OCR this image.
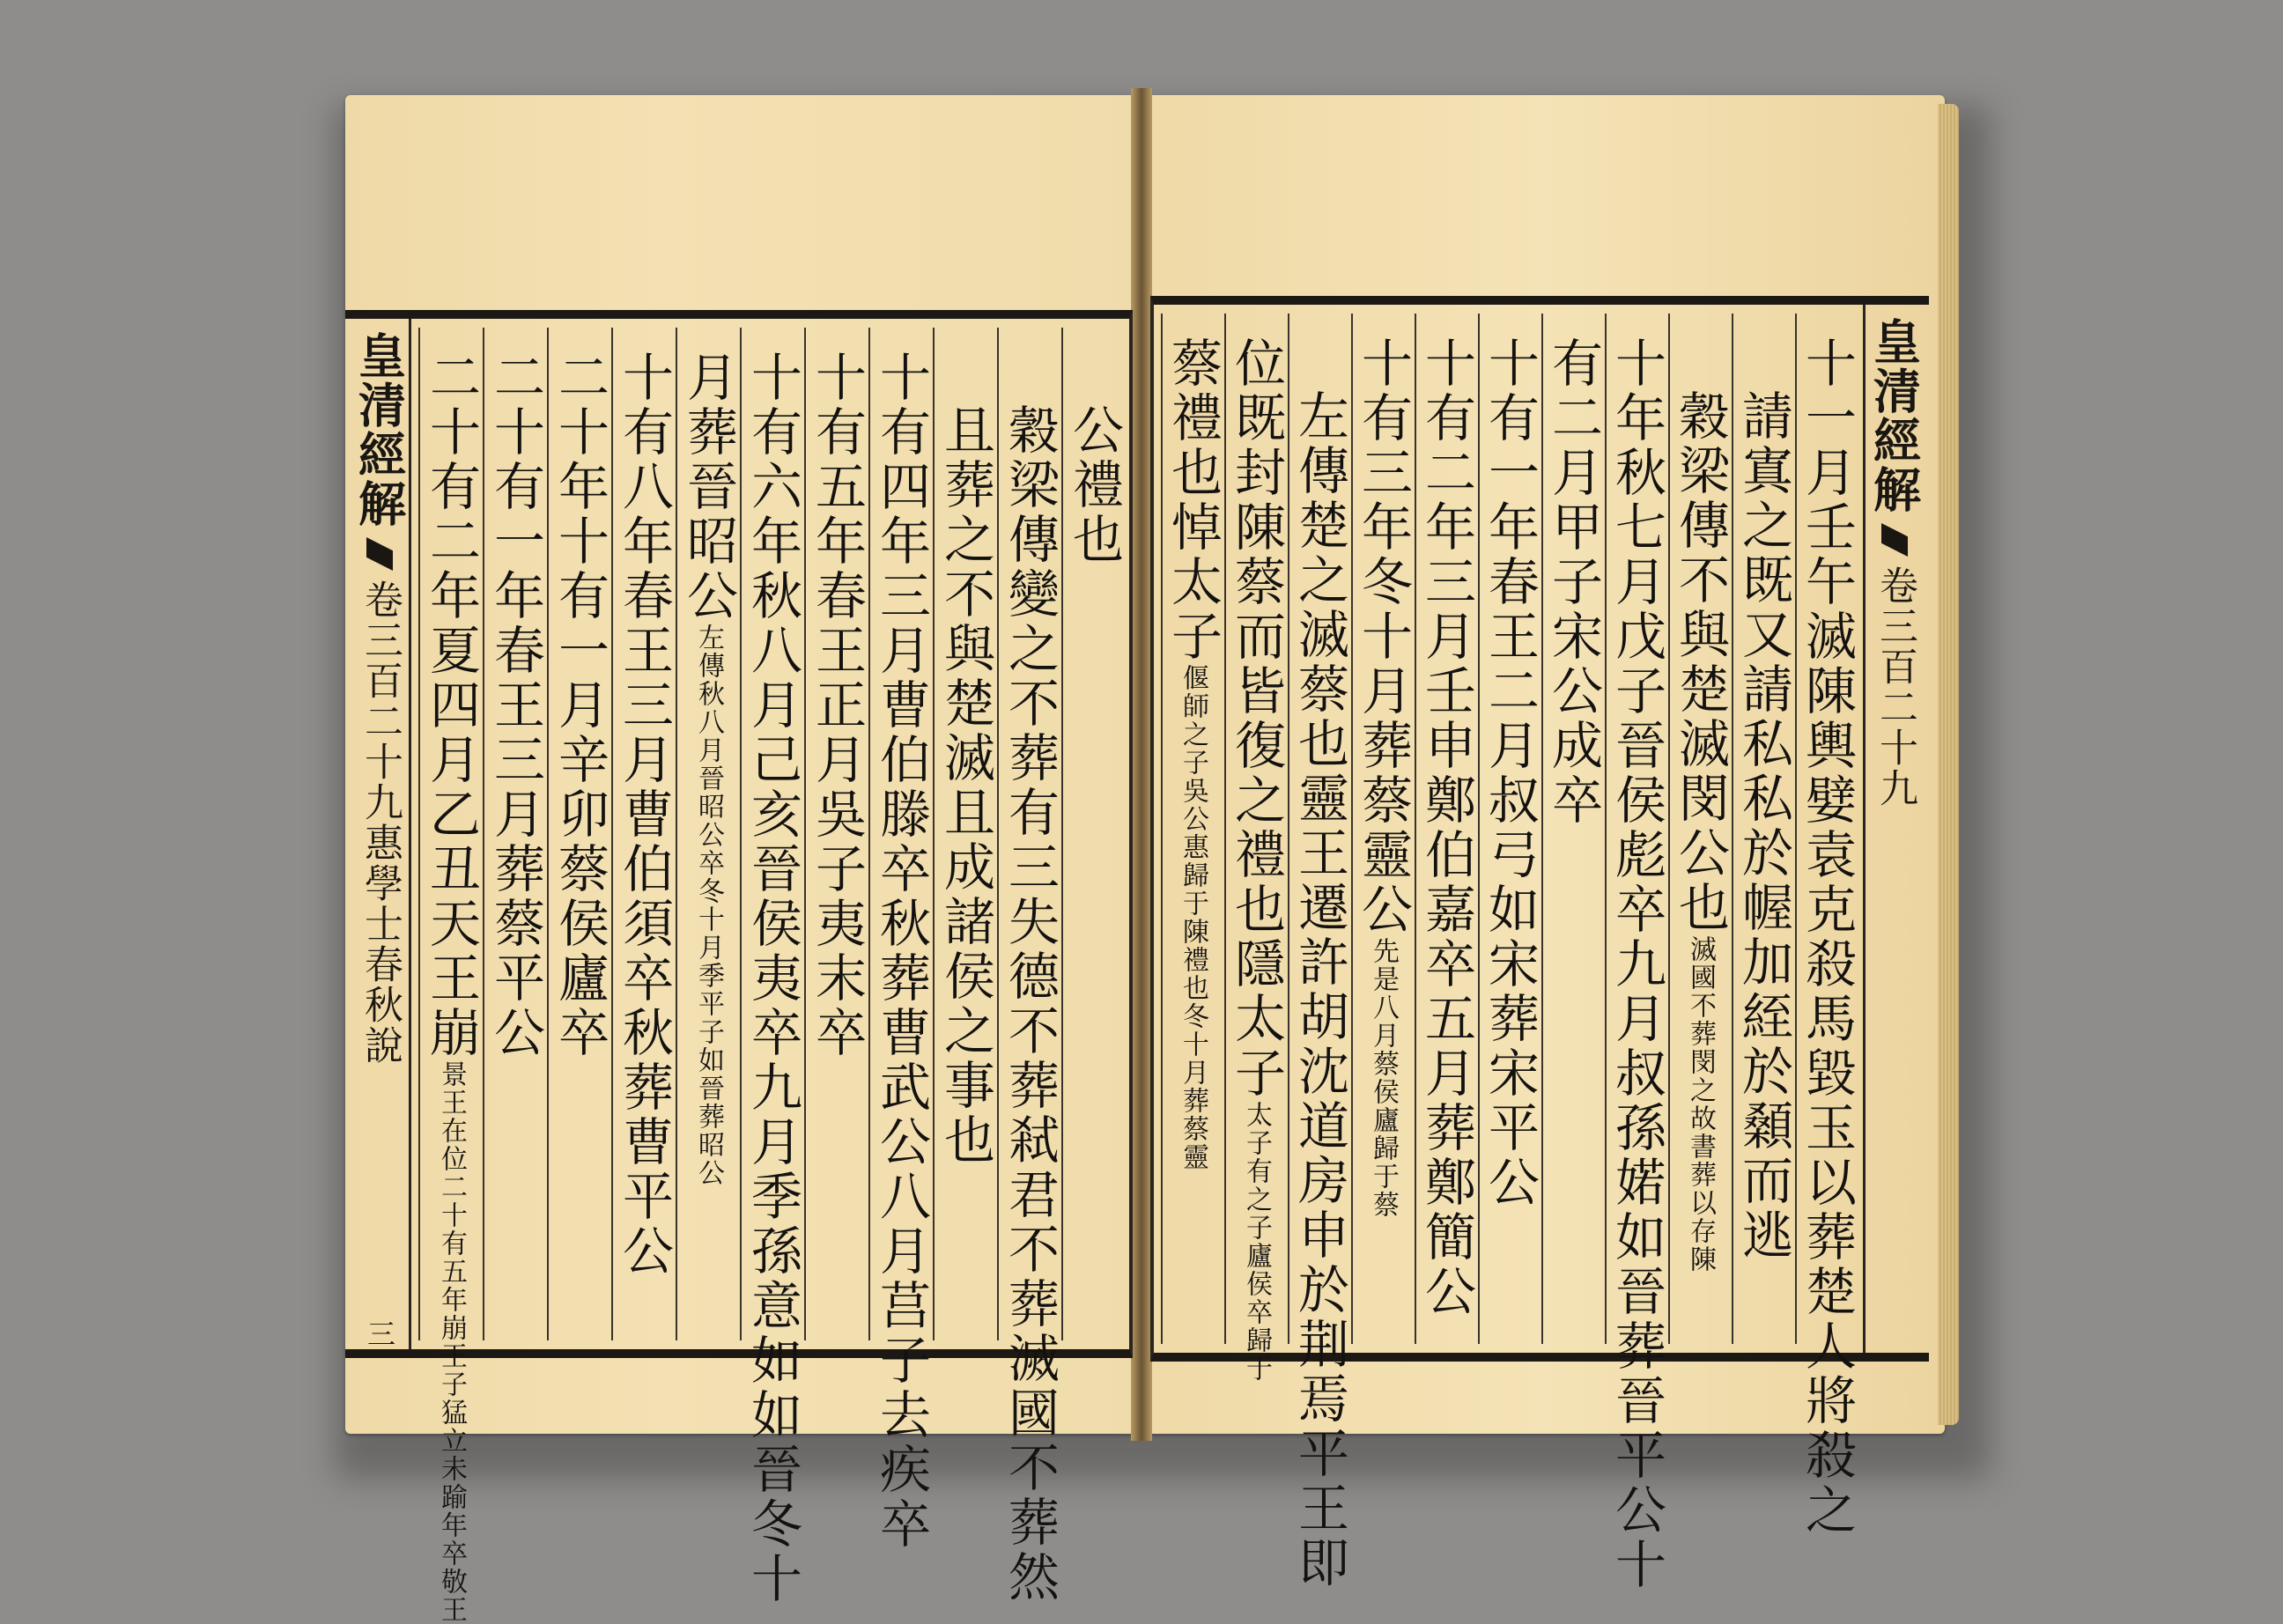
皇清經解
卷三百二十九惠學士春秋說
三
公禮也
穀梁傳變之不葬有三失德不葬弒君不葬滅國不葬然
且葬之不與楚滅且成諸侯之事也
十有四年三月曹伯滕卒秋葬曹武公八月莒子去疾卒
十有五年春王正月吳子夷末卒
十有六年秋八月己亥晉侯夷卒九月季孫意如如晉冬十
月葬晉昭公左傳秋八月晉昭公卒冬十月季平子如晉葬昭公
十有八年春王三月曹伯須卒秋葬曹平公
二十年十有一月辛卯蔡侯廬卒
二十有一年春王三月葬蔡平公
二十有二年夏四月乙丑天王崩景王在位二十有五年崩王子猛立未踰年卒敬王
皇清經解
卷三百二十九
十一月壬午滅陳輿嬖袁克殺馬毀玉以葬楚人將殺之
請寘之既又請私私於幄加絰於顙而逃
穀梁傳不與楚滅閔公也滅國不葬閔之故書葬以存陳
十年秋七月戊子晉侯彪卒九月叔孫婼如晉葬晉平公十
有二月甲子宋公成卒
十有一年春王二月叔弓如宋葬宋平公
十有二年三月壬申鄭伯嘉卒五月葬鄭簡公
十有三年冬十月葬蔡靈公先是八月蔡侯廬歸于蔡
左傳楚之滅蔡也靈王遷許胡沈道房申於荆焉平王即
位既封陳蔡而皆復之禮也隱太子太子有之子廬侯卒歸于
蔡禮也悼太子偃師之子吳公惠歸于陳禮也冬十月葬蔡靈
